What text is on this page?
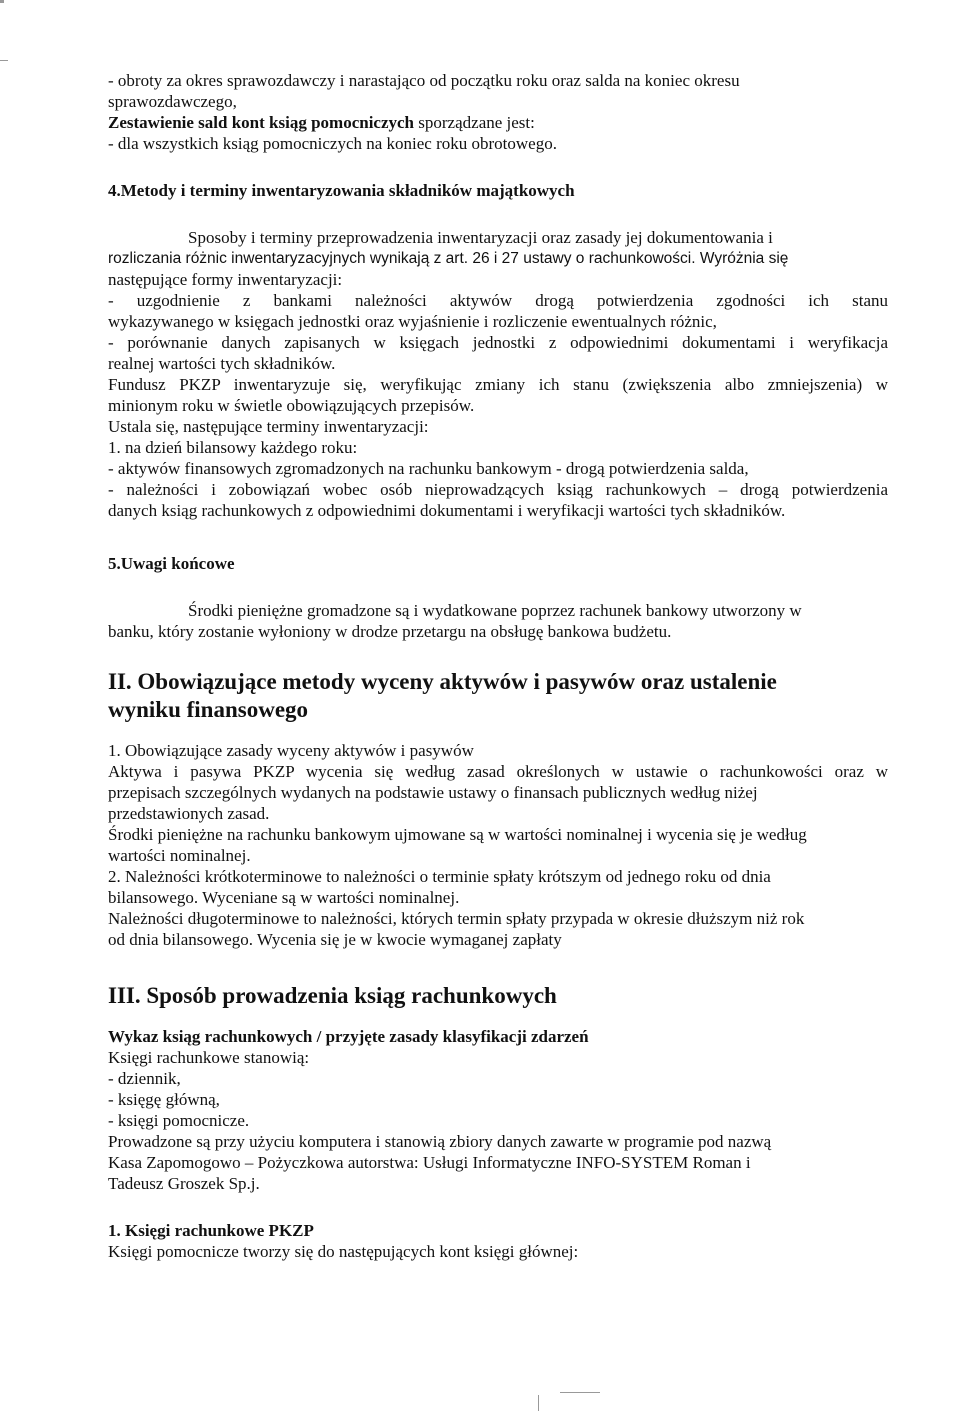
- obroty za okres sprawozdawczy i narastająco od początku roku oraz salda na koniec okresu
sprawozdawczego,
Zestawienie sald kont ksiąg pomocniczych sporządzane jest:
- dla wszystkich ksiąg pomocniczych na koniec roku obrotowego.
4.Metody i terminy inwentaryzowania składników majątkowych
Sposoby i terminy przeprowadzenia inwentaryzacji oraz zasady jej dokumentowania i
rozliczania różnic inwentaryzacyjnych wynikają z art. 26 i 27 ustawy o rachunkowości. Wyróżnia się
następujące formy inwentaryzacji:
- uzgodnienie z bankami należności aktywów drogą potwierdzenia zgodności ich stanu
wykazywanego w księgach jednostki oraz wyjaśnienie i rozliczenie ewentualnych różnic,
- porównanie danych zapisanych w księgach jednostki z odpowiednimi dokumentami i weryfikacja
realnej wartości tych składników.
Fundusz PKZP inwentaryzuje się, weryfikując zmiany ich stanu (zwiększenia albo zmniejszenia) w
minionym roku w świetle obowiązujących przepisów.
Ustala się, następujące terminy inwentaryzacji:
1. na dzień bilansowy każdego roku:
- aktywów finansowych zgromadzonych na rachunku bankowym - drogą potwierdzenia salda,
- należności i zobowiązań wobec osób nieprowadzących ksiąg rachunkowych – drogą potwierdzenia
danych ksiąg rachunkowych z odpowiednimi dokumentami i weryfikacji wartości tych składników.
5.Uwagi końcowe
Środki pieniężne gromadzone są i wydatkowane poprzez rachunek bankowy utworzony w
banku, który zostanie wyłoniony w drodze przetargu na obsługę bankowa budżetu.
II. Obowiązujące metody wyceny aktywów i pasywów oraz ustalenie
wyniku finansowego
1. Obowiązujące zasady wyceny aktywów i pasywów
Aktywa i pasywa PKZP wycenia się według zasad określonych w ustawie o rachunkowości oraz w
przepisach szczególnych wydanych na podstawie ustawy o finansach publicznych według niżej
przedstawionych zasad.
Środki pieniężne na rachunku bankowym ujmowane są w wartości nominalnej i wycenia się je według
wartości nominalnej.
2. Należności krótkoterminowe to należności o terminie spłaty krótszym od jednego roku od dnia
bilansowego. Wyceniane są w wartości nominalnej.
Należności długoterminowe to należności, których termin spłaty przypada w okresie dłuższym niż rok
od dnia bilansowego. Wycenia się je w kwocie wymaganej zapłaty
III. Sposób prowadzenia ksiąg rachunkowych
Wykaz ksiąg rachunkowych / przyjęte zasady klasyfikacji zdarzeń
Księgi rachunkowe stanowią:
- dziennik,
- księgę główną,
- księgi pomocnicze.
Prowadzone są przy użyciu komputera i stanowią zbiory danych zawarte w programie pod nazwą
Kasa Zapomogowo – Pożyczkowa autorstwa: Usługi Informatyczne INFO-SYSTEM Roman i
Tadeusz Groszek Sp.j.
1. Księgi rachunkowe PKZP
Księgi pomocnicze tworzy się do następujących kont księgi głównej:
